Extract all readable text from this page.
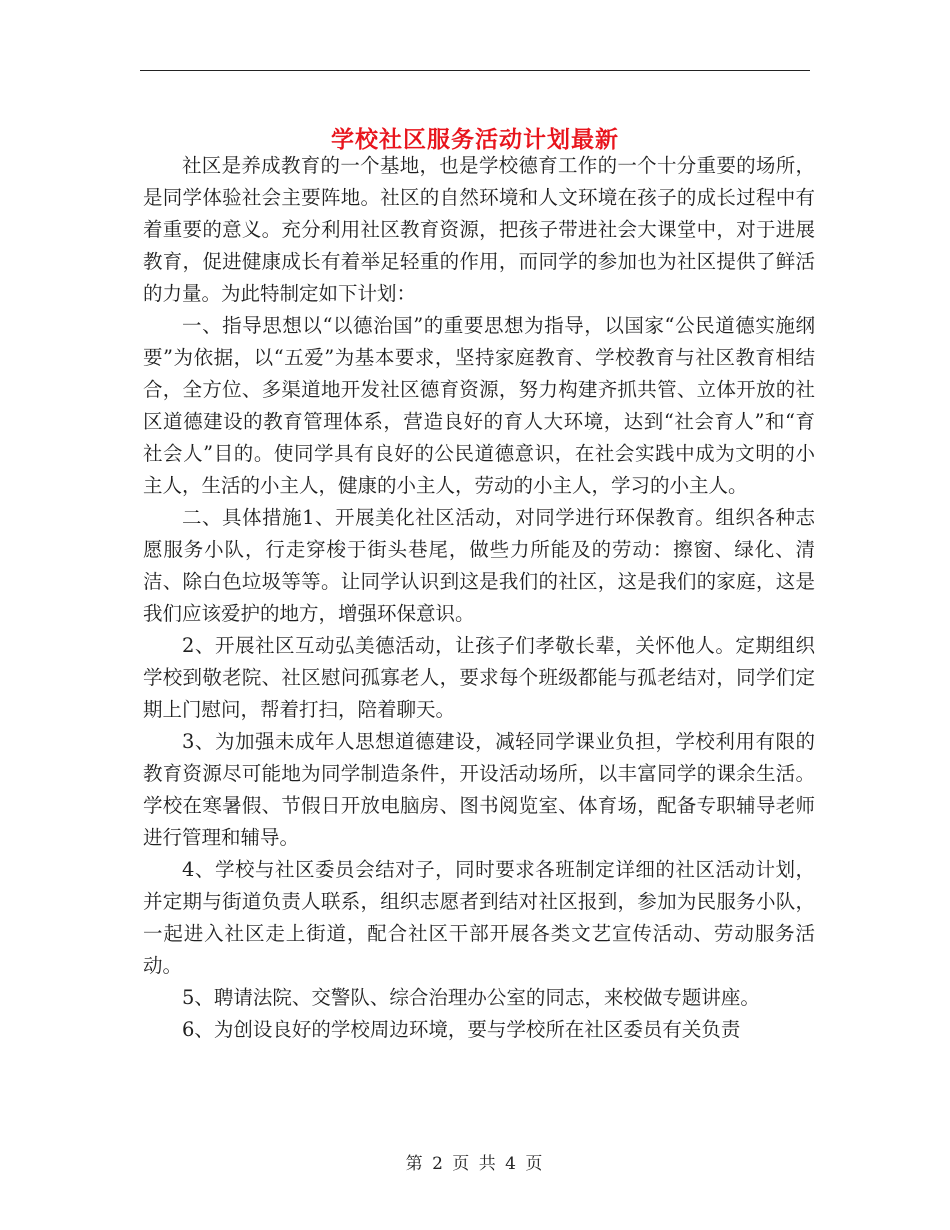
学校社区服务活动计划最新

社区是养成教育的一个基地，也是学校德育工作的一个十分重要的场所，是同学体验社会主要阵地。社区的自然环境和人文环境在孩子的成长过程中有着重要的意义。充分利用社区教育资源，把孩子带进社会大课堂中，对于进展教育，促进健康成长有着举足轻重的作用，而同学的参加也为社区提供了鲜活的力量。为此特制定如下计划：

一、指导思想以“以德治国”的重要思想为指导，以国家“公民道德实施纲要”为依据，以“五爱”为基本要求，坚持家庭教育、学校教育与社区教育相结合，全方位、多渠道地开发社区德育资源，努力构建齐抓共管、立体开放的社区道德建设的教育管理体系，营造良好的育人大环境，达到“社会育人”和“育社会人”目的。使同学具有良好的公民道德意识，在社会实践中成为文明的小主人，生活的小主人，健康的小主人，劳动的小主人，学习的小主人。

二、具体措施1、开展美化社区活动，对同学进行环保教育。组织各种志愿服务小队，行走穿梭于街头巷尾，做些力所能及的劳动：擦窗、绿化、清洁、除白色垃圾等等。让同学认识到这是我们的社区，这是我们的家庭，这是我们应该爱护的地方，增强环保意识。

2、开展社区互动弘美德活动，让孩子们孝敬长辈，关怀他人。定期组织学校到敬老院、社区慰问孤寡老人，要求每个班级都能与孤老结对，同学们定期上门慰问，帮着打扫，陪着聊天。

3、为加强未成年人思想道德建设，减轻同学课业负担，学校利用有限的教育资源尽可能地为同学制造条件，开设活动场所，以丰富同学的课余生活。学校在寒暑假、节假日开放电脑房、图书阅览室、体育场，配备专职辅导老师进行管理和辅导。

4、学校与社区委员会结对子，同时要求各班制定详细的社区活动计划，并定期与街道负责人联系，组织志愿者到结对社区报到，参加为民服务小队，一起进入社区走上街道，配合社区干部开展各类文艺宣传活动、劳动服务活动。

5、聘请法院、交警队、综合治理办公室的同志，来校做专题讲座。

6、为创设良好的学校周边环境，要与学校所在社区委员有关负责

第 2 页 共 4 页
